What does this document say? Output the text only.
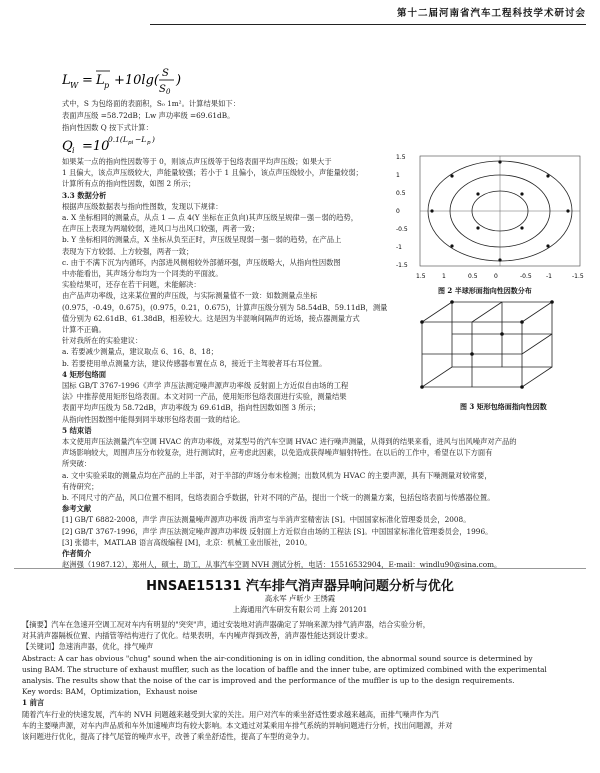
第十二届河南省汽车工程科技学术研讨会
L W = L p +10lg( S
S 0
)
式中，S 为包络面的表面积，S₀ 1m²。计算结果如下：
表面声压级 =58.72dB；Lw 声功率级 =69.61dB。
指向性因数 Q 按下式计算：
Q i =10
0.1(L pi −L p )
1.5
1
0.5
0
-0.5
-1
-1.5
1.5	1	0.5	0	-0.5 -1	-1.5
图 2 半球形面指向性因数分布
图 3 矩形包络面指向性因数
HNSAE15131 汽车排气消声器异响问题分析与优化
高永军 卢昕少 王绣霞
上海通用汽车研发有限公司 上海 201201
如果某一点的指向性因数等于 0，则该点声压级等于包络表面平均声压级；如果大于
1 且偏大，该点声压级较大，声能量较强；若小于 1 且偏小，该点声压级较小，声能量较弱；
计算所有点的指向性因数，如图 2 所示；
3.3 数据分析
根据声压级数据表与指向性图数，发现以下规律：
a. X 坐标相同的测量点，从点 1 — 点 4(Y 坐标在正负向)其声压级呈规律－强－弱的趋势，
在声压上表现为两端较弱，进风口与出风口较强，两者一致；
b. Y 坐标相同的测量点，X 坐标从负至正时，声压级呈现弱－强－弱的趋势，在产品上
表现为下方较弱、上方较强，两者一致；
c. 由于不满下沉为内循环，内部进风侧相较外部循环强，声压级略大，从指向性因数图
中亦能看出，其声场分布均为一个同类的平面波。
实验结果可，还存在若干问题，未能解决：
由产品声功率级，这来某位置的声压级，与实际测量值不一致：如数测量点坐标
(0.975，-0.49，0.675)，(0.975，0.21，0.675)，计算声压级分别为 58.54dB、59.11dB，测量
值分别为 62.61dB、61.38dB，相差较大。这是因为半混响间隔声的近场，接点器测量方式
计算不正确。
针对我所在的实验建议：
a. 若要减少测量点，建议取点 6、16、8、18；
b. 若要使用单点测量方法，建议传感器布置在点 8，接近于主驾驶者耳右耳位置。
4 矩形包络面
国标 GB/T 3767-1996《声学 声压法测定噪声源声功率级 反射面上方近似自由场的工程
法》中推荐使用矩形包络表面。本文对同一产品，使用矩形包络表面进行实验，测量结果
表面平均声压级为 58.72dB，声功率级为 69.61dB，指向性因数如图 3 所示；
从指向性因数图中能得到同半球形包络表面一致的结论。
5 结束语
本文使用声压法测量汽车空调 HVAC 的声功率级，对某型号的汽车空调 HVAC 进行噪声测量，从得到的结果来看，进风与出风噪声对产品的
声场影响较大，周围声压分布较复杂，进行测试时，应考虑此因素，以免造成获得噪声辐射特性。在以后的工作中，希望在以下方面有
所突破：
a. 文中实验采取的测量点均在产品的上半部，对于半部的声场分布未检测；出数风机为 HVAC 的主要声源，具有下噪测量对较常要，
有待研究；
b. 不同尺寸的产品，风口位置不相同，包络表面合乎数据，针对不同的产品，提出一个统一的测量方案，包括包络表面与传感器位置。
参考文献
[1] GB/T 6882-2008，声学 声压法测量噪声源声功率级 消声室与半消声室精密法 [S]。中国国家标准化管理委员会，2008。
[2] GB/T 3767-1996，声学 声压法测定噪声源声功率级 反射面上方近似自由场的工程法 [S]。中国国家标准化管理委员会，1996。
[3] 张德丰，MATLAB 语言高级编程 [M]，北京：机械工业出版社，2010。
作者简介
赵洲强（1987.12），郑州人，硕士，助工，从事汽车空调 NVH 测试分析，电话：15516532904，E-mail：windlu90@sina.com。
【摘要】汽车在急速开空调工况对车内有明显的"突突"声，通过安装地对消声器确定了异响来源为排气消声器，结合实验分析，
对其消声器隔板位置、内插管等结构进行了优化。结果表明，车内噪声得到改善，消声器性能达到设计要求。
【关键词】急速消声器，优化，排气噪声
Abstract: A car has obvious "chug" sound when the air-conditioning is on in idling condition, the abnormal sound source is determined by
using BAM. The structure of exhaust muffler, such as the location of baffle and the inner tube, are optimized combined with the experimental
analysis. The results show that the noise of the car is improved and the performance of the muffler is up to the design requirements.
Key words: BAM，Optimization，Exhaust noise
1 前言
随着汽车行业的快速发展，汽车的 NVH 问题越来越受到大家的关注。用户对汽车的乘坐舒适性要求越来越高，而排气噪声作为汽
车的主要噪声源，对车内声品质和车外加速噪声均有较大影响。本文通过对某乘用车排气系统的异响问题进行分析，找出问题源，并对
该问题进行优化，提高了排气尾管的噪声水平，改善了乘坐舒适性，提高了车型的竞争力。
